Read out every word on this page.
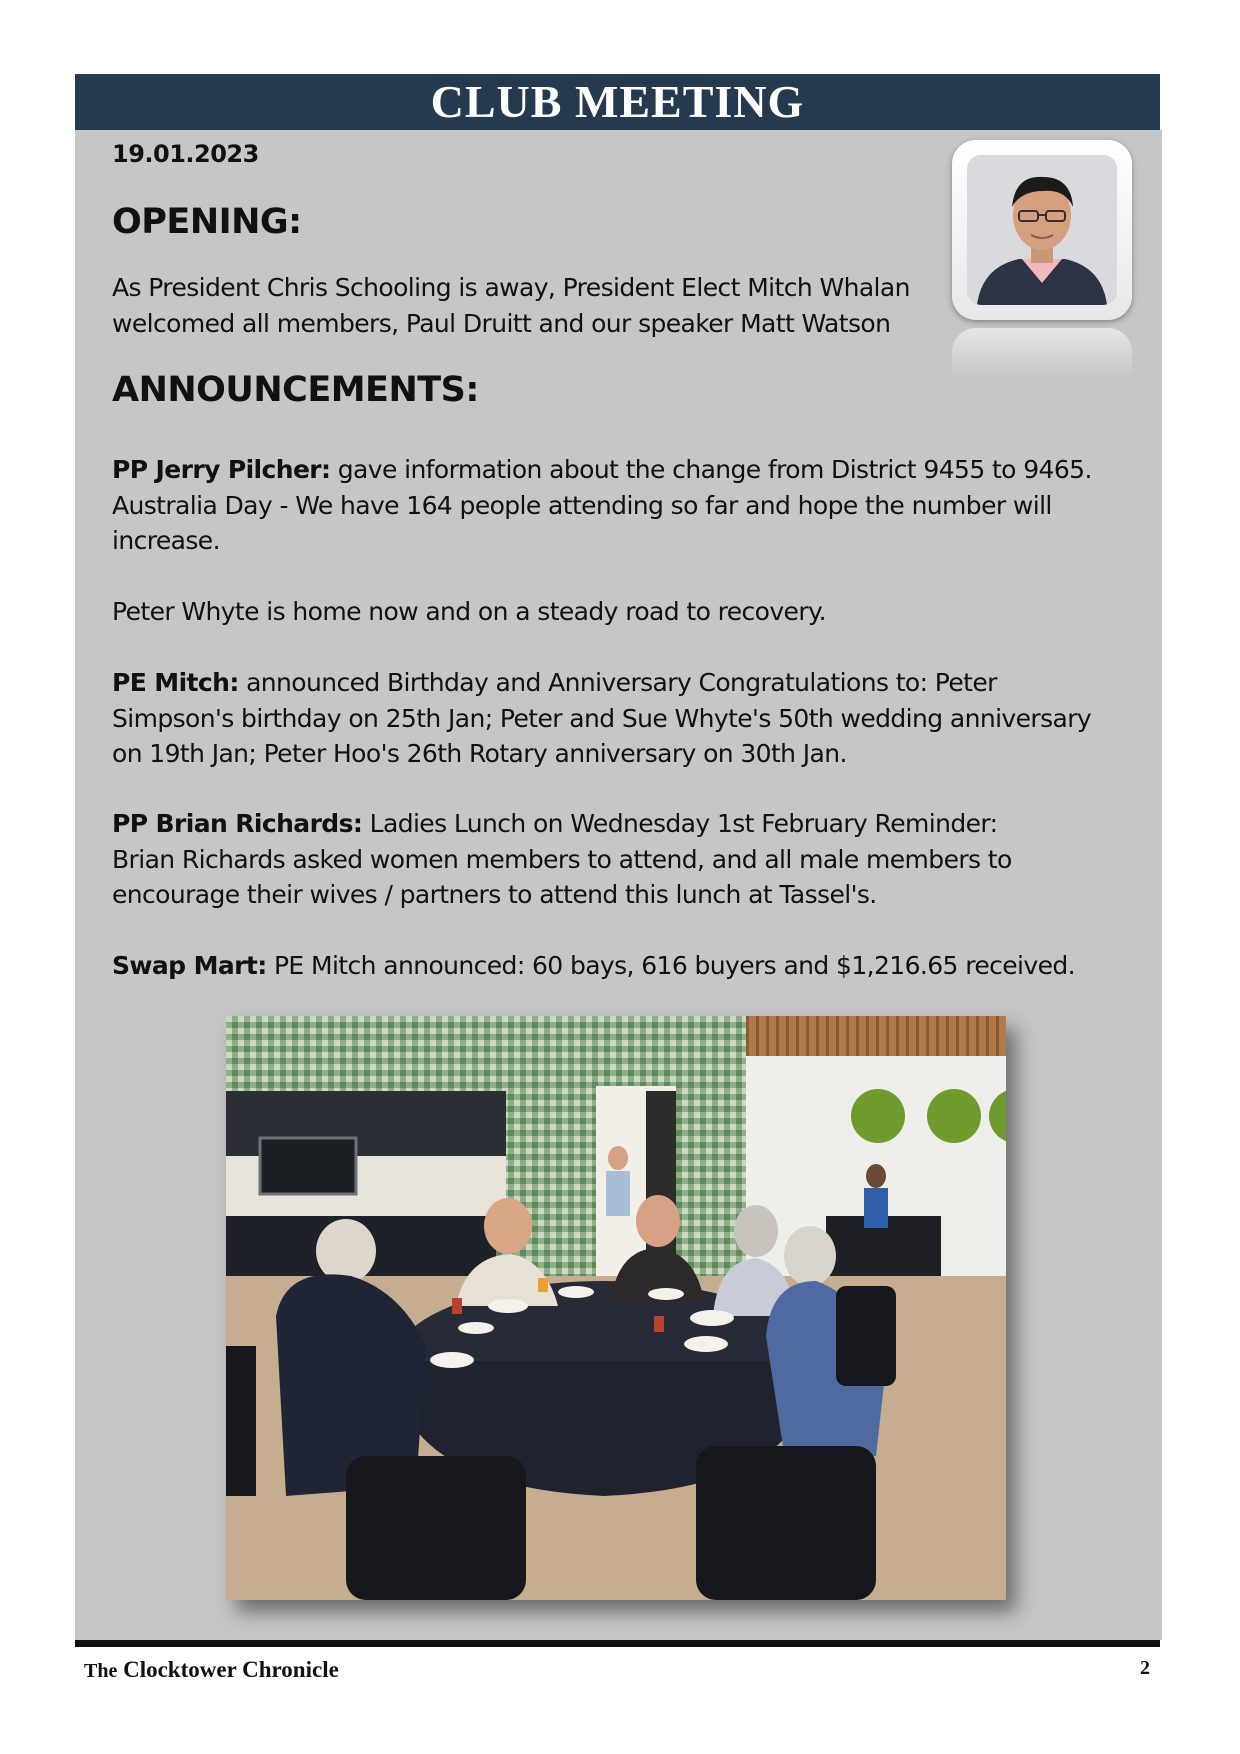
CLUB MEETING
19.01.2023
OPENING:
As President Chris Schooling is away, President Elect Mitch Whalan welcomed all members, Paul Druitt and our speaker Matt Watson
ANNOUNCEMENTS:
PP Jerry Pilcher: gave information about the change from District 9455 to 9465. Australia Day - We have 164 people attending so far and hope the number will increase.
Peter Whyte is home now and on a steady road to recovery.
PE Mitch: announced Birthday and Anniversary Congratulations to: Peter Simpson's birthday on 25th Jan; Peter and Sue Whyte's 50th wedding anniversary on 19th Jan; Peter Hoo's 26th Rotary anniversary on 30th Jan.
PP Brian Richards: Ladies Lunch on Wednesday 1st February Reminder:
Brian Richards asked women members to attend, and all male members to encourage their wives / partners to attend this lunch at Tassel's.
Swap Mart: PE Mitch announced: 60 bays, 616 buyers and $1,216.65 received.
The Clocktower Chronicle	2
